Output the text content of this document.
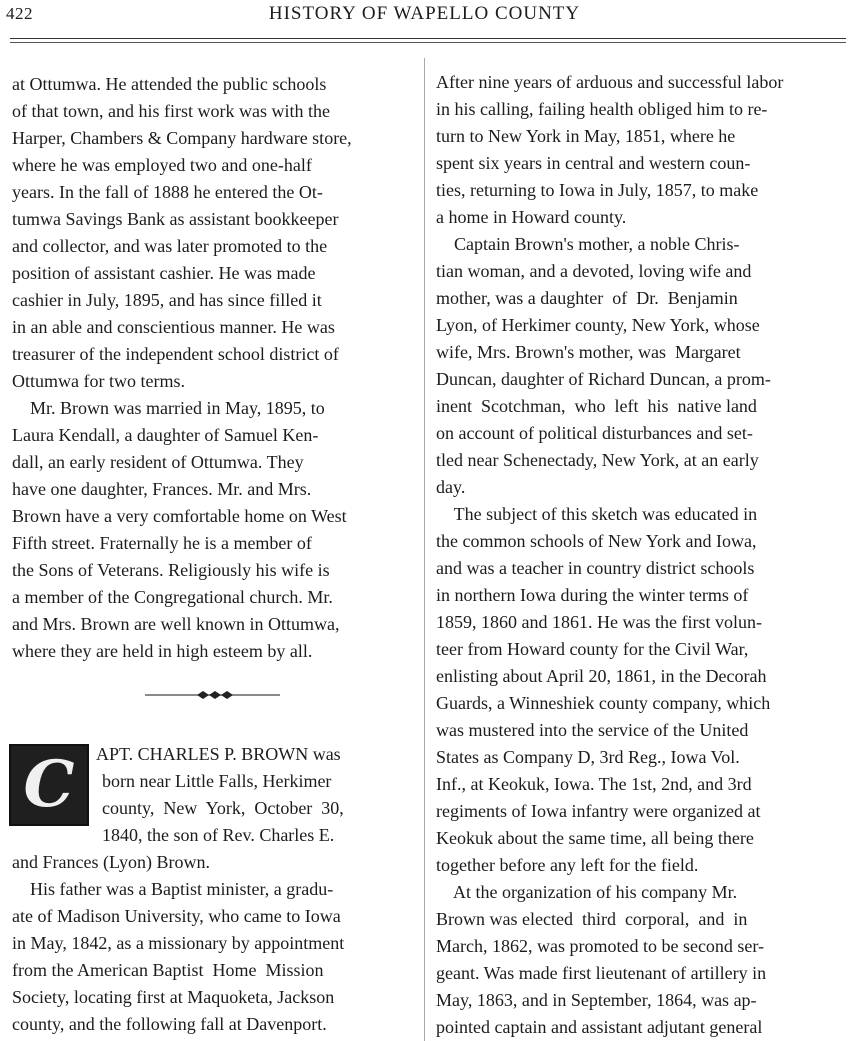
422	HISTORY OF WAPELLO COUNTY
at Ottumwa. He attended the public schools
of that town, and his first work was with the
Harper, Chambers & Company hardware store,
where he was employed two and one-half
years. In the fall of 1888 he entered the Ot-
tumwa Savings Bank as assistant bookkeeper
and collector, and was later promoted to the
position of assistant cashier. He was made
cashier in July, 1895, and has since filled it
in an able and conscientious manner. He was
treasurer of the independent school district of
Ottumwa for two terms.
Mr. Brown was married in May, 1895, to
Laura Kendall, a daughter of Samuel Ken-
dall, an early resident of Ottumwa. They
have one daughter, Frances. Mr. and Mrs.
Brown have a very comfortable home on West
Fifth street. Fraternally he is a member of
the Sons of Veterans. Religiously his wife is
a member of the Congregational church. Mr.
and Mrs. Brown are well known in Ottumwa,
where they are held in high esteem by all.
C	APT. CHARLES P. BROWN was
born near Little Falls, Herkimer
county,  New  York,  October  30,
1840, the son of Rev. Charles E.
and Frances (Lyon) Brown.
His father was a Baptist minister, a gradu-
ate of Madison University, who came to Iowa
in May, 1842, as a missionary by appointment
from the American Baptist  Home  Mission
Society, locating first at Maquoketa, Jackson
county, and the following fall at Davenport.
After nine years of arduous and successful labor
in his calling, failing health obliged him to re-
turn to New York in May, 1851, where he
spent six years in central and western coun-
ties, returning to Iowa in July, 1857, to make
a home in Howard county.
Captain Brown's mother, a noble Chris-
tian woman, and a devoted, loving wife and
mother, was a daughter  of  Dr.  Benjamin
Lyon, of Herkimer county, New York, whose
wife, Mrs. Brown's mother, was  Margaret
Duncan, daughter of Richard Duncan, a prom-
inent  Scotchman,  who  left  his  native land
on account of political disturbances and set-
tled near Schenectady, New York, at an early
day.
The subject of this sketch was educated in
the common schools of New York and Iowa,
and was a teacher in country district schools
in northern Iowa during the winter terms of
1859, 1860 and 1861. He was the first volun-
teer from Howard county for the Civil War,
enlisting about April 20, 1861, in the Decorah
Guards, a Winneshiek county company, which
was mustered into the service of the United
States as Company D, 3rd Reg., Iowa Vol.
Inf., at Keokuk, Iowa. The 1st, 2nd, and 3rd
regiments of Iowa infantry were organized at
Keokuk about the same time, all being there
together before any left for the field.
At the organization of his company Mr.
Brown was elected  third  corporal,  and  in
March, 1862, was promoted to be second ser-
geant. Was made first lieutenant of artillery in
May, 1863, and in September, 1864, was ap-
pointed captain and assistant adjutant general
